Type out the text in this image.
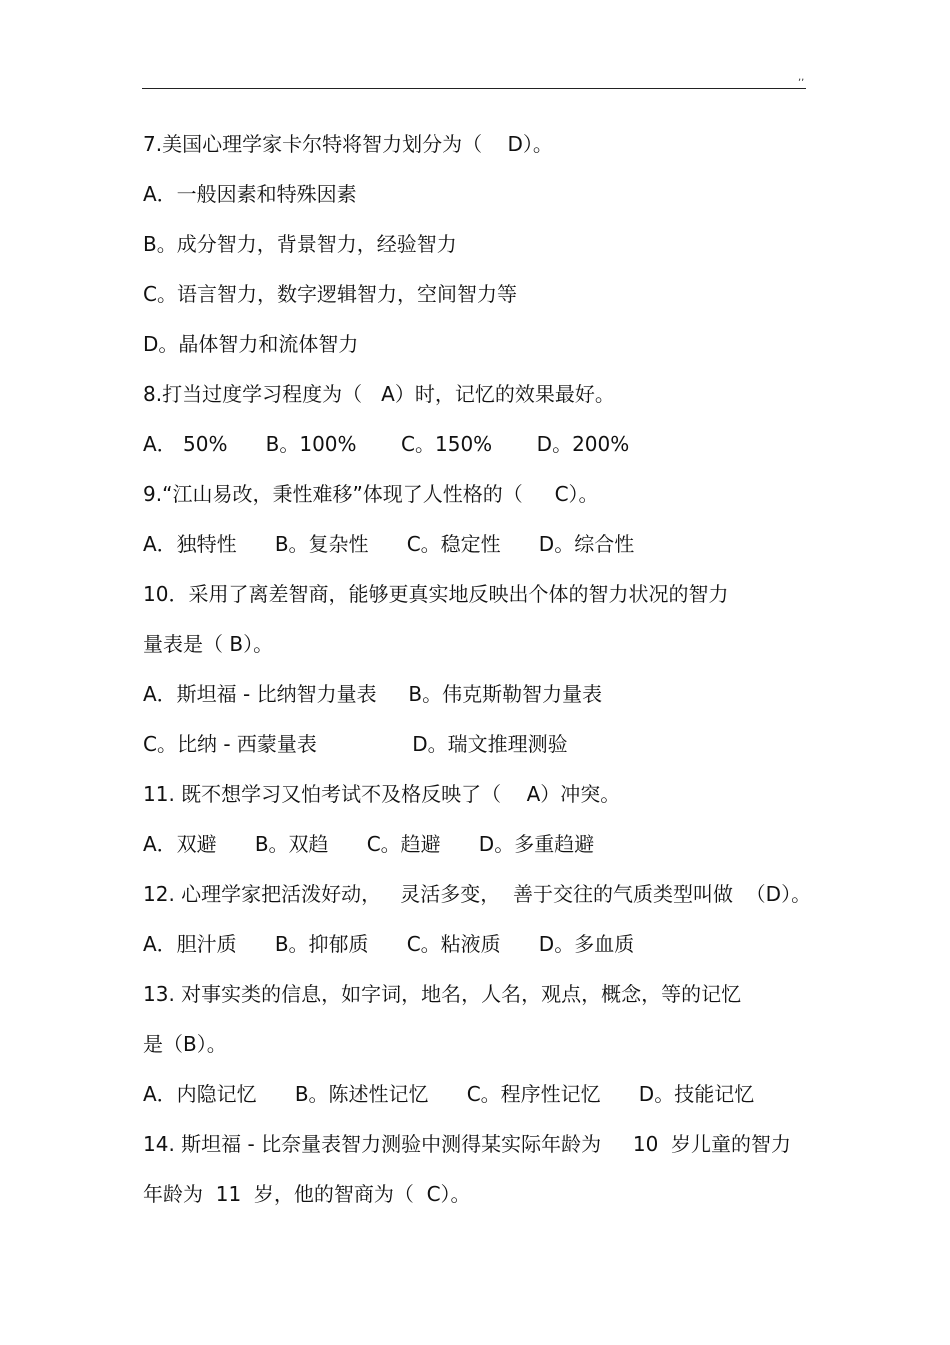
,,
7.美国心理学家卡尔特将智力划分为（    D）。
A．一般因素和特殊因素
B。成分智力，背景智力，经验智力
C。语言智力，数字逻辑智力，空间智力等
D。晶体智力和流体智力
8.打当过度学习程度为（   A）时，记忆的效果最好。
A． 50%      B。100%       C。150%       D。200%
9.“江山易改，秉性难移”体现了人性格的（     C）。
A．独特性      B。复杂性      C。稳定性      D。综合性
10．采用了离差智商，能够更真实地反映出个体的智力状况的智力
量表是（ B）。
A．斯坦福 - 比纳智力量表     B。伟克斯勒智力量表
C。比纳 - 西蒙量表               D。瑞文推理测验
11. 既不想学习又怕考试不及格反映了（    A）冲突。
A．双避      B。双趋      C。趋避      D。多重趋避
12. 心理学家把活泼好动，   灵活多变，  善于交往的气质类型叫做  （D）。
A．胆汁质      B。抑郁质      C。粘液质      D。多血质
13. 对事实类的信息，如字词，地名，人名，观点，概念，等的记忆
是（B）。
A．内隐记忆      B。陈述性记忆      C。程序性记忆      D。技能记忆
14. 斯坦福 - 比奈量表智力测验中测得某实际年龄为     10  岁儿童的智力
年龄为  11  岁，他的智商为（  C）。
